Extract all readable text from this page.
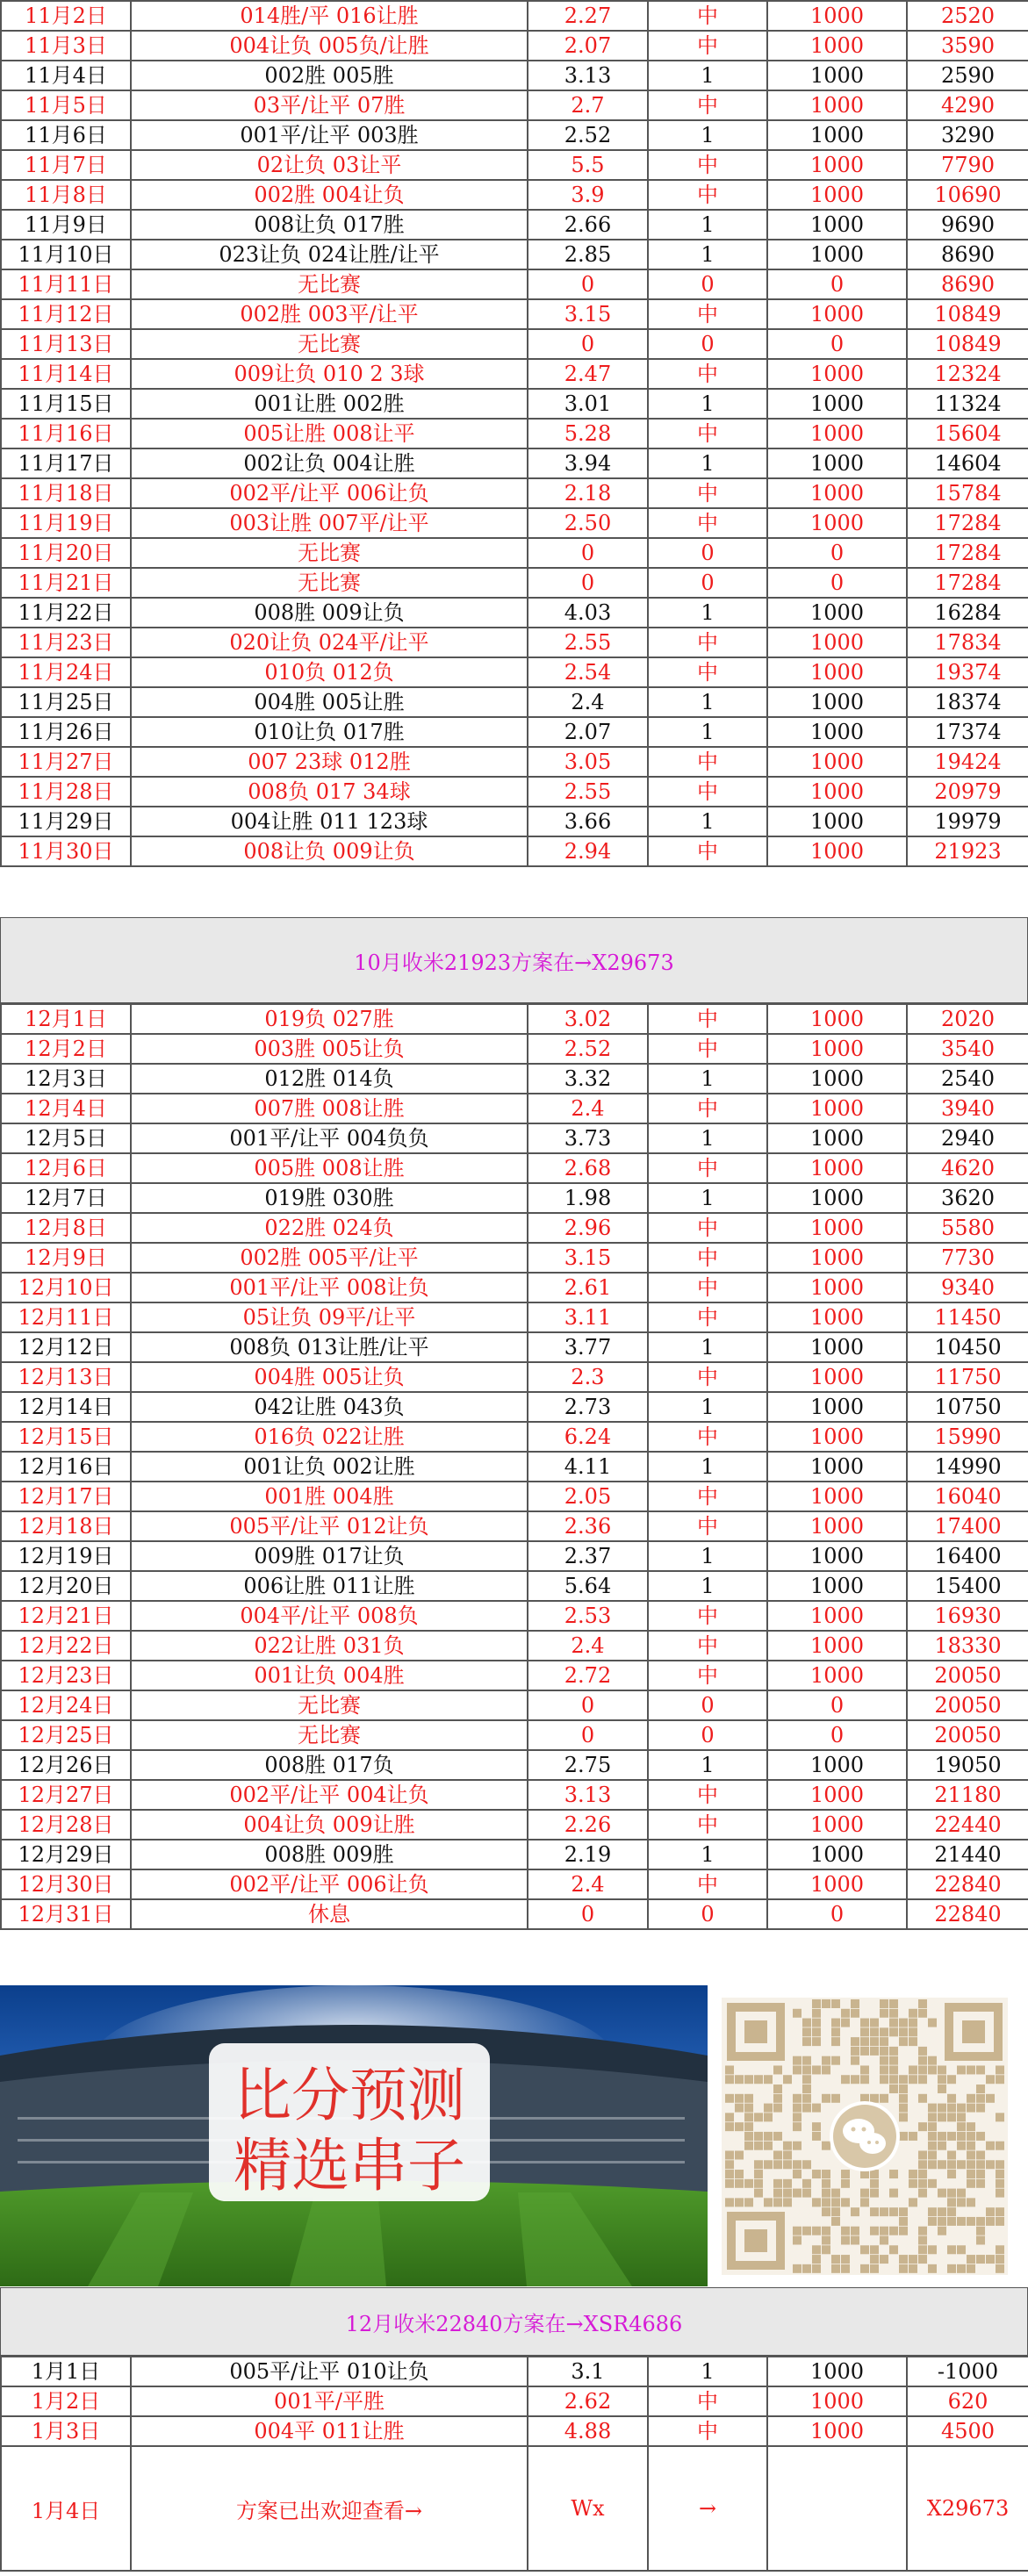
11月2日	014胜/平 016让胜	2.27	中	1000	2520
11月3日	004让负 005负/让胜	2.07	中	1000	3590
11月4日	002胜 005胜	3.13	1	1000	2590
11月5日	03平/让平 07胜	2.7	中	1000	4290
11月6日	001平/让平 003胜	2.52	1	1000	3290
11月7日	02让负 03让平	5.5	中	1000	7790
11月8日	002胜 004让负	3.9	中	1000	10690
11月9日	008让负 017胜	2.66	1	1000	9690
11月10日	023让负 024让胜/让平	2.85	1	1000	8690
11月11日	无比赛	0	0	0	8690
11月12日	002胜 003平/让平	3.15	中	1000	10849
11月13日	无比赛	0	0	0	10849
11月14日	009让负 010 2 3球	2.47	中	1000	12324
11月15日	001让胜 002胜	3.01	1	1000	11324
11月16日	005让胜 008让平	5.28	中	1000	15604
11月17日	002让负 004让胜	3.94	1	1000	14604
11月18日	002平/让平 006让负	2.18	中	1000	15784
11月19日	003让胜 007平/让平	2.50	中	1000	17284
11月20日	无比赛	0	0	0	17284
11月21日	无比赛	0	0	0	17284
11月22日	008胜 009让负	4.03	1	1000	16284
11月23日	020让负 024平/让平	2.55	中	1000	17834
11月24日	010负 012负	2.54	中	1000	19374
11月25日	004胜 005让胜	2.4	1	1000	18374
11月26日	010让负 017胜	2.07	1	1000	17374
11月27日	007 23球 012胜	3.05	中	1000	19424
11月28日	008负 017 34球	2.55	中	1000	20979
11月29日	004让胜 011 123球	3.66	1	1000	19979
11月30日	008让负 009让负	2.94	中	1000	21923
10月收米21923方案在→X29673
12月1日	019负 027胜	3.02	中	1000	2020
12月2日	003胜 005让负	2.52	中	1000	3540
12月3日	012胜 014负	3.32	1	1000	2540
12月4日	007胜 008让胜	2.4	中	1000	3940
12月5日	001平/让平 004负负	3.73	1	1000	2940
12月6日	005胜 008让胜	2.68	中	1000	4620
12月7日	019胜 030胜	1.98	1	1000	3620
12月8日	022胜 024负	2.96	中	1000	5580
12月9日	002胜 005平/让平	3.15	中	1000	7730
12月10日	001平/让平 008让负	2.61	中	1000	9340
12月11日	05让负 09平/让平	3.11	中	1000	11450
12月12日	008负 013让胜/让平	3.77	1	1000	10450
12月13日	004胜 005让负	2.3	中	1000	11750
12月14日	042让胜 043负	2.73	1	1000	10750
12月15日	016负 022让胜	6.24	中	1000	15990
12月16日	001让负 002让胜	4.11	1	1000	14990
12月17日	001胜 004胜	2.05	中	1000	16040
12月18日	005平/让平 012让负	2.36	中	1000	17400
12月19日	009胜 017让负	2.37	1	1000	16400
12月20日	006让胜 011让胜	5.64	1	1000	15400
12月21日	004平/让平 008负	2.53	中	1000	16930
12月22日	022让胜 031负	2.4	中	1000	18330
12月23日	001让负 004胜	2.72	中	1000	20050
12月24日	无比赛	0	0	0	20050
12月25日	无比赛	0	0	0	20050
12月26日	008胜 017负	2.75	1	1000	19050
12月27日	002平/让平 004让负	3.13	中	1000	21180
12月28日	004让负 009让胜	2.26	中	1000	22440
12月29日	008胜 009胜	2.19	1	1000	21440
12月30日	002平/让平 006让负	2.4	中	1000	22840
12月31日	休息	0	0	0	22840
比分预测
精选串子
12月收米22840方案在→XSR4686
1月1日	005平/让平 010让负	3.1	1	1000	-1000
1月2日	001平/平胜	2.62	中	1000	620
1月3日	004平 011让胜	4.88	中	1000	4500
1月4日	方案已出欢迎查看→	Wx	→		X29673
